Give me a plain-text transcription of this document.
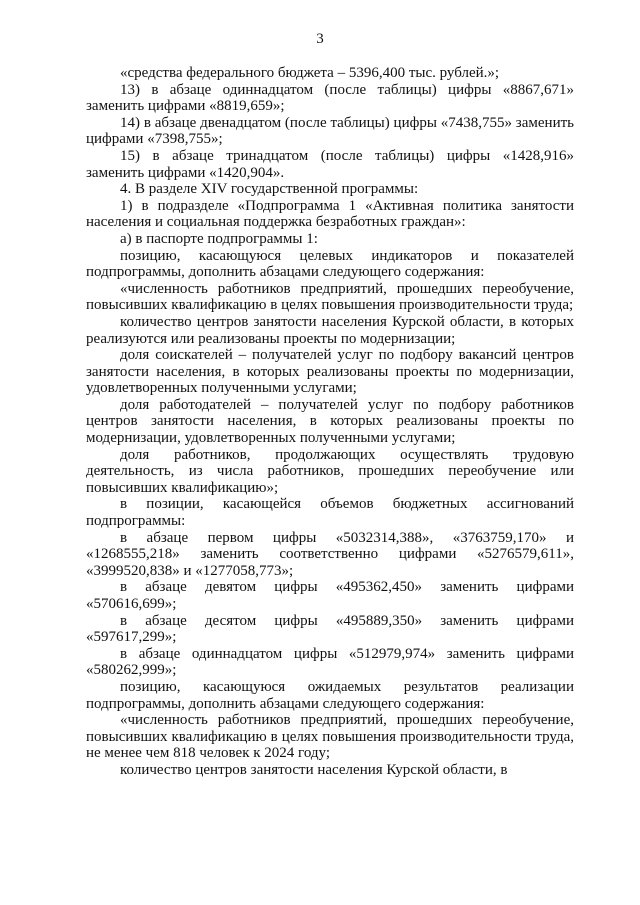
3

«средства федерального бюджета – 5396,400 тыс. рублей.»;

13) в абзаце одиннадцатом (после таблицы) цифры «8867,671» заменить цифрами «8819,659»;

14) в абзаце двенадцатом (после таблицы) цифры «7438,755» заменить цифрами «7398,755»;

15) в абзаце тринадцатом (после таблицы) цифры «1428,916» заменить цифрами «1420,904».

4. В разделе XIV государственной программы:

1) в подразделе «Подпрограмма 1 «Активная политика занятости населения и социальная поддержка безработных граждан»:

а) в паспорте подпрограммы 1:

позицию, касающуюся целевых индикаторов и показателей подпрограммы, дополнить абзацами следующего содержания:

«численность работников предприятий, прошедших переобучение, повысивших квалификацию в целях повышения производительности труда;

количество центров занятости населения Курской области, в которых реализуются или реализованы проекты по модернизации;

доля соискателей – получателей услуг по подбору вакансий центров занятости населения, в которых реализованы проекты по модернизации, удовлетворенных полученными услугами;

доля работодателей – получателей услуг по подбору работников центров занятости населения, в которых реализованы проекты по модернизации, удовлетворенных полученными услугами;

доля работников, продолжающих осуществлять трудовую деятельность, из числа работников, прошедших переобучение или повысивших квалификацию»;

в позиции, касающейся объемов бюджетных ассигнований подпрограммы:

в абзаце первом цифры «5032314,388», «3763759,170» и «1268555,218» заменить соответственно цифрами «5276579,611», «3999520,838» и «1277058,773»;

в абзаце девятом цифры «495362,450» заменить цифрами «570616,699»;

в абзаце десятом цифры «495889,350» заменить цифрами «597617,299»;

в абзаце одиннадцатом цифры «512979,974» заменить цифрами «580262,999»;

позицию, касающуюся ожидаемых результатов реализации подпрограммы, дополнить абзацами следующего содержания:

«численность работников предприятий, прошедших переобучение, повысивших квалификацию в целях повышения производительности труда, не менее чем 818 человек к 2024 году;

количество центров занятости населения Курской области, в
